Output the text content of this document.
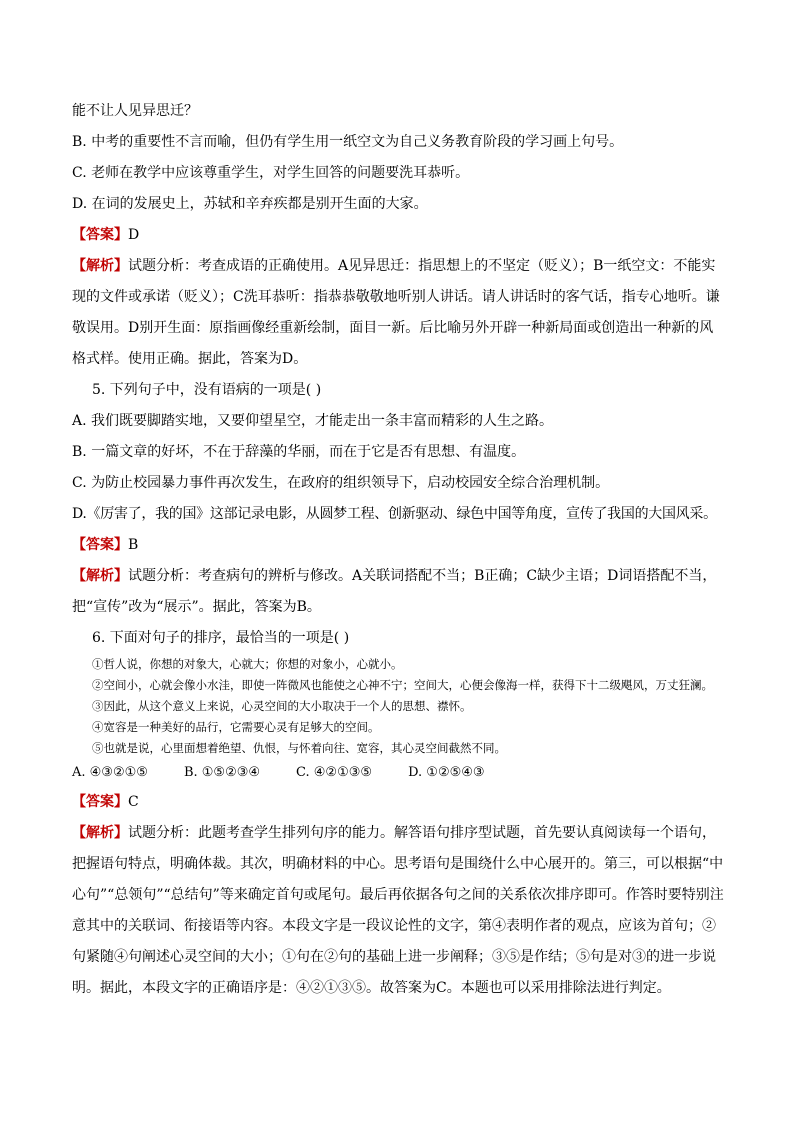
能不让人见异思迁？
B. 中考的重要性不言而喻，但仍有学生用一纸空文为自己义务教育阶段的学习画上句号。
C. 老师在教学中应该尊重学生，对学生回答的问题要洗耳恭听。
D. 在词的发展史上，苏轼和辛弃疾都是别开生面的大家。
【答案】D
【解析】试题分析：考查成语的正确使用。A见异思迁：指思想上的不坚定（贬义）；B一纸空文：不能实现的文件或承诺（贬义）；C洗耳恭听：指恭恭敬敬地听别人讲话。请人讲话时的客气话，指专心地听。谦敬误用。D别开生面：原指画像经重新绘制，面目一新。后比喻另外开辟一种新局面或创造出一种新的风格式样。使用正确。据此，答案为D。
5. 下列句子中，没有语病的一项是( )
A. 我们既要脚踏实地，又要仰望星空，才能走出一条丰富而精彩的人生之路。
B. 一篇文章的好坏，不在于辞藻的华丽，而在于它是否有思想、有温度。
C. 为防止校园暴力事件再次发生，在政府的组织领导下，启动校园安全综合治理机制。
D.《厉害了，我的国》这部记录电影，从圆梦工程、创新驱动、绿色中国等角度，宣传了我国的大国风采。
【答案】B
【解析】试题分析：考查病句的辨析与修改。A关联词搭配不当；B正确；C缺少主语；D词语搭配不当，把“宣传”改为“展示”。据此，答案为B。
6. 下面对句子的排序，最恰当的一项是( )
①哲人说，你想的对象大，心就大；你想的对象小，心就小。
②空间小，心就会像小水洼，即使一阵微风也能使之心神不宁；空间大，心便会像海一样，获得下十二级飓风，万丈狂澜。
③因此，从这个意义上来说，心灵空间的大小取决于一个人的思想、襟怀。
④宽容是一种美好的品行，它需要心灵有足够大的空间。
⑤也就是说，心里面想着绝望、仇恨，与怀着向往、宽容，其心灵空间截然不同。
A. ④③②①⑤	B. ①⑤②③④	C. ④②①③⑤	D. ①②⑤④③
【答案】C
【解析】试题分析：此题考查学生排列句序的能力。解答语句排序型试题，首先要认真阅读每一个语句，把握语句特点，明确体裁。其次，明确材料的中心。思考语句是围绕什么中心展开的。第三，可以根据“中心句”“总领句”“总结句”等来确定首句或尾句。最后再依据各句之间的关系依次排序即可。作答时要特别注意其中的关联词、衔接语等内容。本段文字是一段议论性的文字，第④表明作者的观点，应该为首句；②句紧随④句阐述心灵空间的大小；①句在②句的基础上进一步阐释；③⑤是作结；⑤句是对③的进一步说明。据此，本段文字的正确语序是：④②①③⑤。故答案为C。本题也可以采用排除法进行判定。
